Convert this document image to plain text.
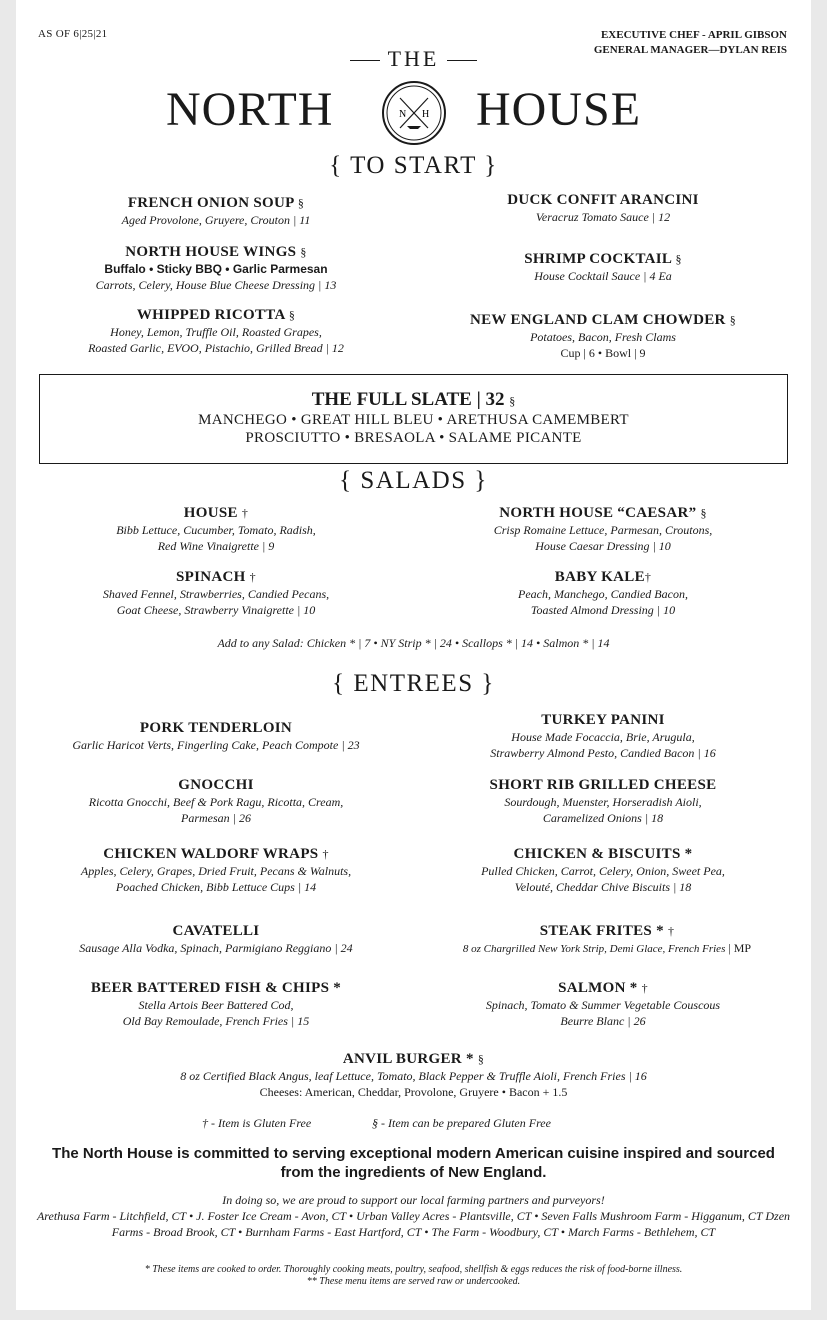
AS OF 6|25|21	EXECUTIVE CHEF - APRIL GIBSON
GENERAL MANAGER—DYLAN REIS
THE
NORTH	N H HOUSE
{ TO START }
FRENCH ONION SOUP §
Aged Provolone, Gruyere, Crouton | 11
NORTH HOUSE WINGS §
Buffalo • Sticky BBQ • Garlic Parmesan
Carrots, Celery, House Blue Cheese Dressing | 13
WHIPPED RICOTTA §
Honey, Lemon, Truffle Oil, Roasted Grapes,
Roasted Garlic, EVOO, Pistachio, Grilled Bread | 12
DUCK CONFIT ARANCINI
Veracruz Tomato Sauce | 12
SHRIMP COCKTAIL §
House Cocktail Sauce | 4 Ea
NEW ENGLAND CLAM CHOWDER §
Potatoes, Bacon, Fresh Clams
Cup | 6 • Bowl | 9
THE FULL SLATE | 32 §
MANCHEGO • GREAT HILL BLEU • ARETHUSA CAMEMBERT
PROSCIUTTO • BRESAOLA • SALAME PICANTE
{ SALADS }
HOUSE †
Bibb Lettuce, Cucumber, Tomato, Radish,
Red Wine Vinaigrette | 9
SPINACH †
Shaved Fennel, Strawberries, Candied Pecans,
Goat Cheese, Strawberry Vinaigrette | 10
NORTH HOUSE “CAESAR” §
Crisp Romaine Lettuce, Parmesan, Croutons,
House Caesar Dressing | 10
BABY KALE†
Peach, Manchego, Candied Bacon,
Toasted Almond Dressing | 10
Add to any Salad: Chicken * | 7 • NY Strip * | 24 • Scallops * | 14 • Salmon * | 14
{ ENTREES }
PORK TENDERLOIN
Garlic Haricot Verts, Fingerling Cake, Peach Compote | 23
GNOCCHI
Ricotta Gnocchi, Beef & Pork Ragu, Ricotta, Cream,
Parmesan | 26
CHICKEN WALDORF WRAPS †
Apples, Celery, Grapes, Dried Fruit, Pecans & Walnuts,
Poached Chicken, Bibb Lettuce Cups | 14
CAVATELLI
Sausage Alla Vodka, Spinach, Parmigiano Reggiano | 24
BEER BATTERED FISH & CHIPS *
Stella Artois Beer Battered Cod,
Old Bay Remoulade, French Fries | 15
TURKEY PANINI
House Made Focaccia, Brie, Arugula,
Strawberry Almond Pesto, Candied Bacon | 16
SHORT RIB GRILLED CHEESE
Sourdough, Muenster, Horseradish Aioli,
Caramelized Onions | 18
CHICKEN & BISCUITS *
Pulled Chicken, Carrot, Celery, Onion, Sweet Pea,
Velouté, Cheddar Chive Biscuits | 18
STEAK FRITES * †
8 oz Chargrilled New York Strip, Demi Glace, French Fries | MP
SALMON * †
Spinach, Tomato & Summer Vegetable Couscous
Beurre Blanc | 26
ANVIL BURGER * §
8 oz Certified Black Angus, leaf Lettuce, Tomato, Black Pepper & Truffle Aioli, French Fries | 16
Cheeses: American, Cheddar, Provolone, Gruyere • Bacon + 1.5
† - Item is Gluten Free	§ - Item can be prepared Gluten Free
The North House is committed to serving exceptional modern American cuisine inspired and sourced from the ingredients of New England.
In doing so, we are proud to support our local farming partners and purveyors!
Arethusa Farm - Litchfield, CT • J. Foster Ice Cream - Avon, CT • Urban Valley Acres - Plantsville, CT • Seven Falls Mushroom Farm - Higganum, CT Dzen Farms - Broad Brook, CT • Burnham Farms - East Hartford, CT • The Farm - Woodbury, CT • March Farms - Bethlehem, CT
* These items are cooked to order. Thoroughly cooking meats, poultry, seafood, shellfish & eggs reduces the risk of food-borne illness.
** These menu items are served raw or undercooked.
